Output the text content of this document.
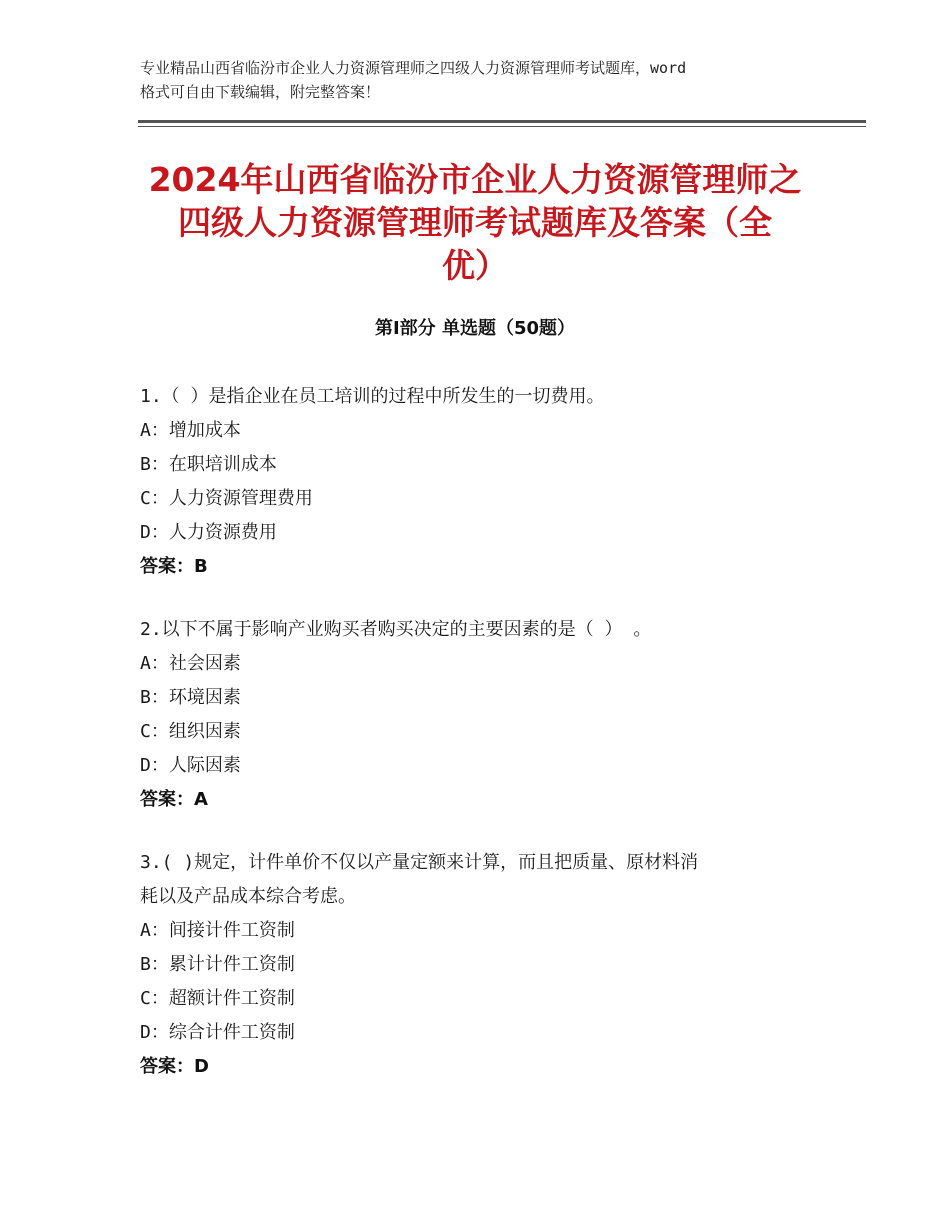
专业精品山西省临汾市企业人力资源管理师之四级人力资源管理师考试题库，word
格式可自由下载编辑，附完整答案！
2024年山西省临汾市企业人力资源管理师之
四级人力资源管理师考试题库及答案（全
优）
第Ⅰ部分 单选题（50题）
1.（ ）是指企业在员工培训的过程中所发生的一切费用。
A：增加成本
B：在职培训成本
C：人力资源管理费用
D：人力资源费用
答案：B
2.以下不属于影响产业购买者购买决定的主要因素的是（ ） 。
A：社会因素
B：环境因素
C：组织因素
D：人际因素
答案：A
3.( )规定，计件单价不仅以产量定额来计算，而且把质量、原材料消
耗以及产品成本综合考虑。
A：间接计件工资制
B：累计计件工资制
C：超额计件工资制
D：综合计件工资制
答案：D
